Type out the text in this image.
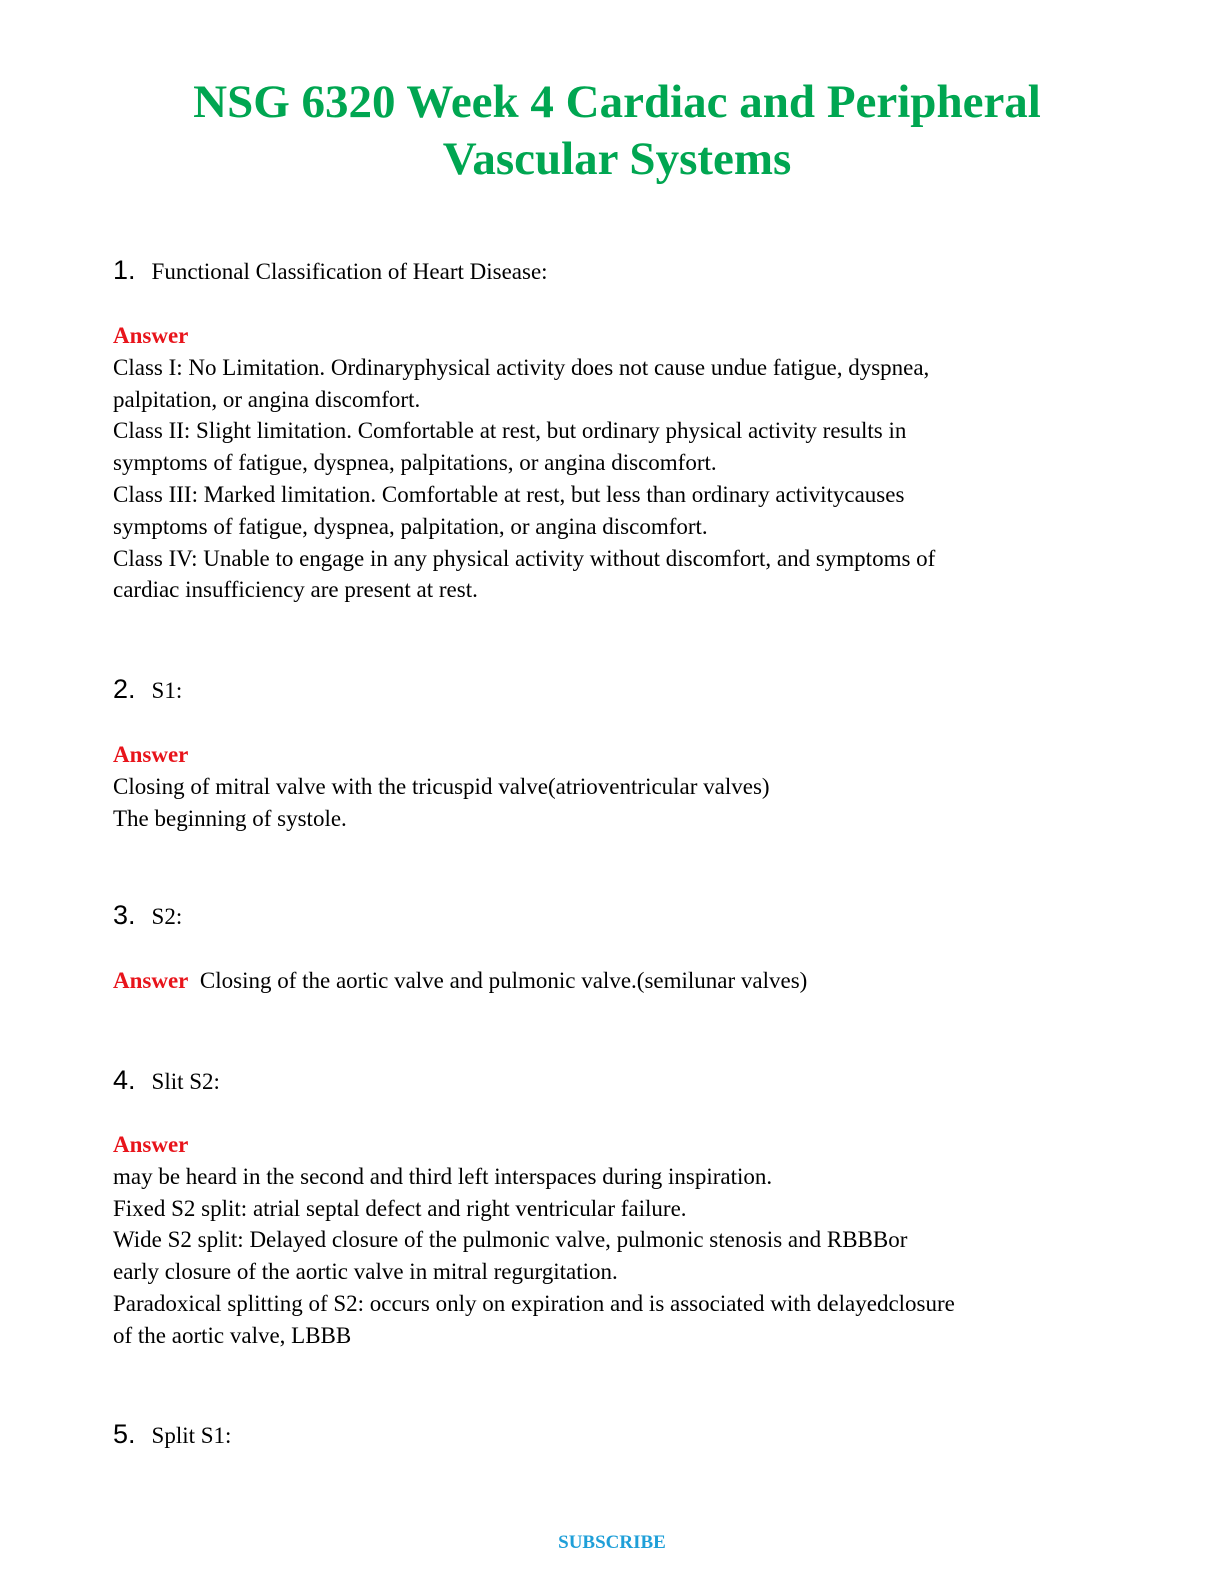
NSG 6320 Week 4 Cardiac and Peripheral
Vascular Systems
1. Functional Classification of Heart Disease:

Answer

Class I: No Limitation. Ordinaryphysical activity does not cause undue fatigue, dyspnea,

palpitation, or angina discomfort.

Class II: Slight limitation. Comfortable at rest, but ordinary physical activity results in

symptoms of fatigue, dyspnea, palpitations, or angina discomfort.

Class III: Marked limitation. Comfortable at rest, but less than ordinary activitycauses

symptoms of fatigue, dyspnea, palpitation, or angina discomfort.

Class IV: Unable to engage in any physical activity without discomfort, and symptoms of

cardiac insufficiency are present at rest.

2. S1:

Answer

Closing of mitral valve with the tricuspid valve(atrioventricular valves)

The beginning of systole.

3. S2:

Answer Closing of the aortic valve and pulmonic valve.(semilunar valves)

4. Slit S2:

Answer

may be heard in the second and third left interspaces during inspiration.

Fixed S2 split: atrial septal defect and right ventricular failure.

Wide S2 split: Delayed closure of the pulmonic valve, pulmonic stenosis and RBBBor

early closure of the aortic valve in mitral regurgitation.

Paradoxical splitting of S2: occurs only on expiration and is associated with delayedclosure

of the aortic valve, LBBB

5. Split S1:
SUBSCRIBE
